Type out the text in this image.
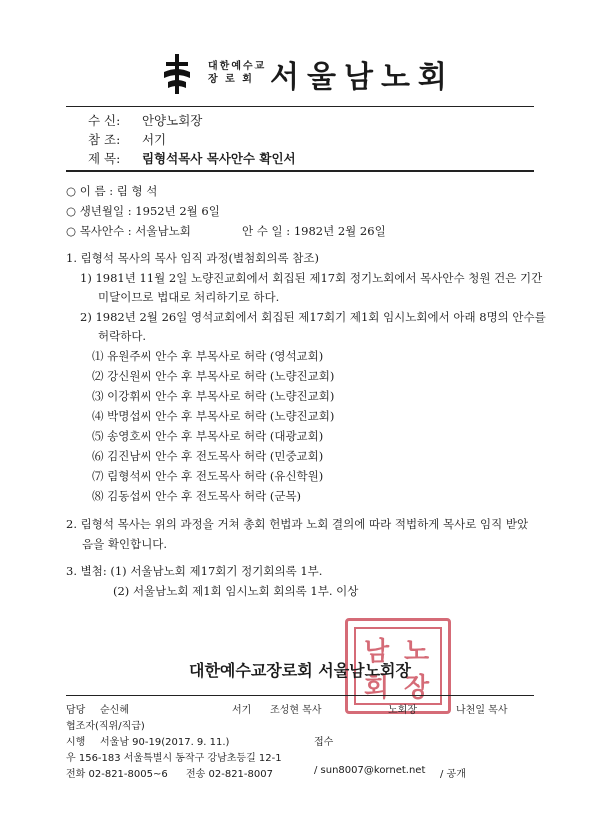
대한예수교
장 로 회 서울남노회
수 신: 안양노회장
참 조: 서기
제 목: 림형석목사 목사안수 확인서
○ 이 름 : 림 형 석
○ 생년월일 : 1952년 2월 6일
○ 목사안수 : 서울남노회	안 수 일 : 1982년 2월 26일
1. 림형석 목사의 목사 임직 과정(별첨회의록 참조)
1) 1981년 11월 2일 노량진교회에서 회집된 제17회 정기노회에서 목사안수 청원 건은 기간
미달이므로 법대로 처리하기로 하다.
2) 1982년 2월 26일 영석교회에서 회집된 제17회기 제1회 임시노회에서 아래 8명의 안수를
허락하다.
⑴ 유원주씨 안수 후 부목사로 허락 (영석교회)
⑵ 강신원씨 안수 후 부목사로 허락 (노량진교회)
⑶ 이강휘씨 안수 후 부목사로 허락 (노량진교회)
⑷ 박명섭씨 안수 후 부목사로 허락 (노량진교회)
⑸ 송영호씨 안수 후 부목사로 허락 (대광교회)
⑹ 김진남씨 안수 후 전도목사 허락 (민중교회)
⑺ 림형석씨 안수 후 전도목사 허락 (유신학원)
⑻ 김동섭씨 안수 후 전도목사 허락 (군목)
2. 림형석 목사는 위의 과정을 거쳐 총회 헌법과 노회 결의에 따라 적법하게 목사로 임직 받았
음을 확인합니다.
3. 별첨: (1) 서울남노회 제17회기 정기회의록 1부.
(2) 서울남노회 제1회 임시노회 회의록 1부. 이상
남 노
회 장
대한예수교장로회 서울남노회장
담당 순신혜	서기 조성현 목사	노회장	나천일 목사
협조자(직위/직급)
시행 서울남 90-19(2017. 9. 11.)	접수
우 156-183 서울특별시 동작구 강남초등길 12-1
전화 02-821-8005~6 전송 02-821-8007	/ sun8007@kornet.net / 공개
